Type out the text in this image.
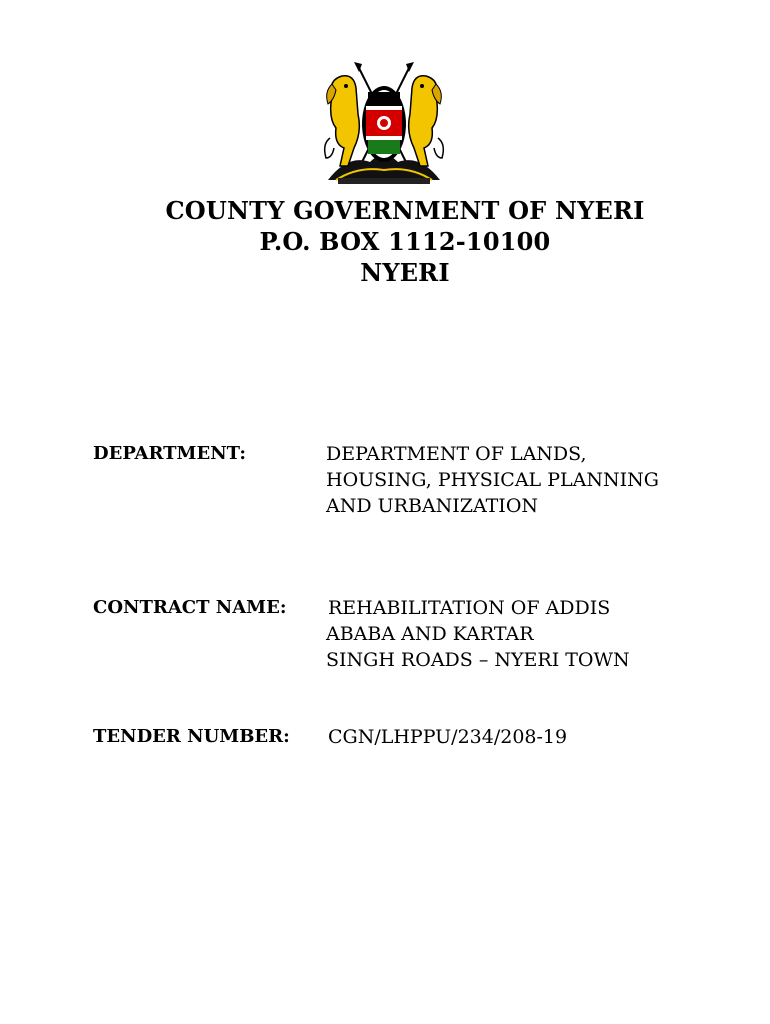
COUNTY GOVERNMENT OF NYERI
P.O. BOX 1112-10100
NYERI
DEPARTMENT:	DEPARTMENT OF LANDS,
HOUSING, PHYSICAL PLANNING
AND URBANIZATION
CONTRACT NAME: REHABILITATION OF ADDIS
ABABA AND KARTAR
SINGH ROADS – NYERI TOWN
TENDER NUMBER: CGN/LHPPU/234/208-19
